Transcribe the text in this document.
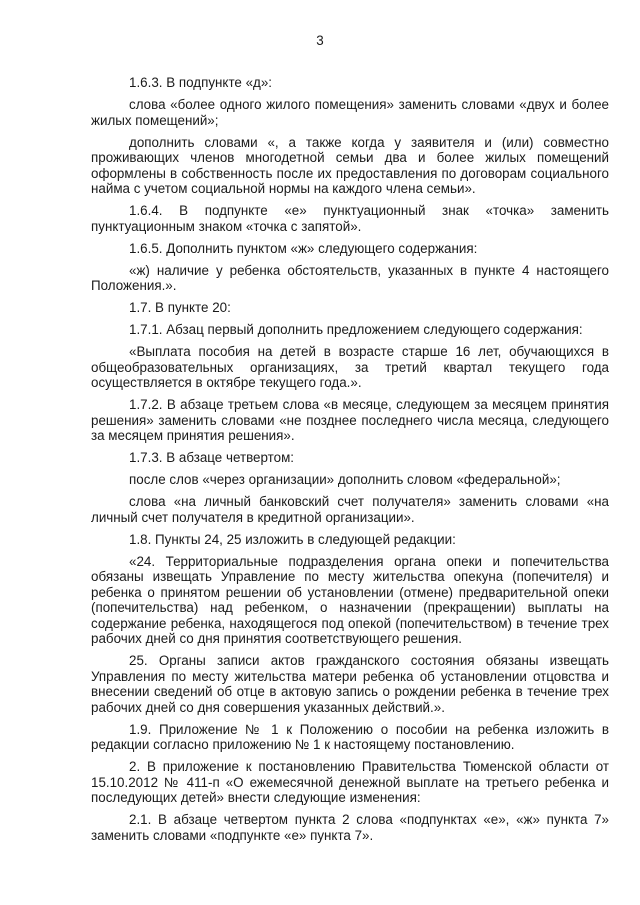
3

1.6.3. В подпункте «д»:

слова «более одного жилого помещения» заменить словами «двух и более жилых помещений»;

дополнить словами «, а также когда у заявителя и (или) совместно проживающих членов многодетной семьи два и более жилых помещений оформлены в собственность после их предоставления по договорам социального найма с учетом социальной нормы на каждого члена семьи».

1.6.4. В подпункте «е» пунктуационный знак «точка» заменить пунктуационным знаком «точка с запятой».

1.6.5. Дополнить пунктом «ж» следующего содержания:

«ж) наличие у ребенка обстоятельств, указанных в пункте 4 настоящего Положения.».

1.7. В пункте 20:

1.7.1. Абзац первый дополнить предложением следующего содержания:

«Выплата пособия на детей в возрасте старше 16 лет, обучающихся в общеобразовательных организациях, за третий квартал текущего года осуществляется в октябре текущего года.».

1.7.2. В абзаце третьем слова «в месяце, следующем за месяцем принятия решения» заменить словами «не позднее последнего числа месяца, следующего за месяцем принятия решения».

1.7.3. В абзаце четвертом:

после слов «через организации» дополнить словом «федеральной»;

слова «на личный банковский счет получателя» заменить словами «на личный счет получателя в кредитной организации».

1.8. Пункты 24, 25 изложить в следующей редакции:

«24. Территориальные подразделения органа опеки и попечительства обязаны извещать Управление по месту жительства опекуна (попечителя) и ребенка о принятом решении об установлении (отмене) предварительной опеки (попечительства) над ребенком, о назначении (прекращении) выплаты на содержание ребенка, находящегося под опекой (попечительством) в течение трех рабочих дней со дня принятия соответствующего решения.

25. Органы записи актов гражданского состояния обязаны извещать Управления по месту жительства матери ребенка об установлении отцовства и внесении сведений об отце в актовую запись о рождении ребенка в течение трех рабочих дней со дня совершения указанных действий.».

1.9. Приложение № 1 к Положению о пособии на ребенка изложить в редакции согласно приложению № 1 к настоящему постановлению.

2. В приложение к постановлению Правительства Тюменской области от 15.10.2012 № 411-п «О ежемесячной денежной выплате на третьего ребенка и последующих детей» внести следующие изменения:

2.1. В абзаце четвертом пункта 2 слова «подпунктах «е», «ж» пункта 7» заменить словами «подпункте «е» пункта 7».
